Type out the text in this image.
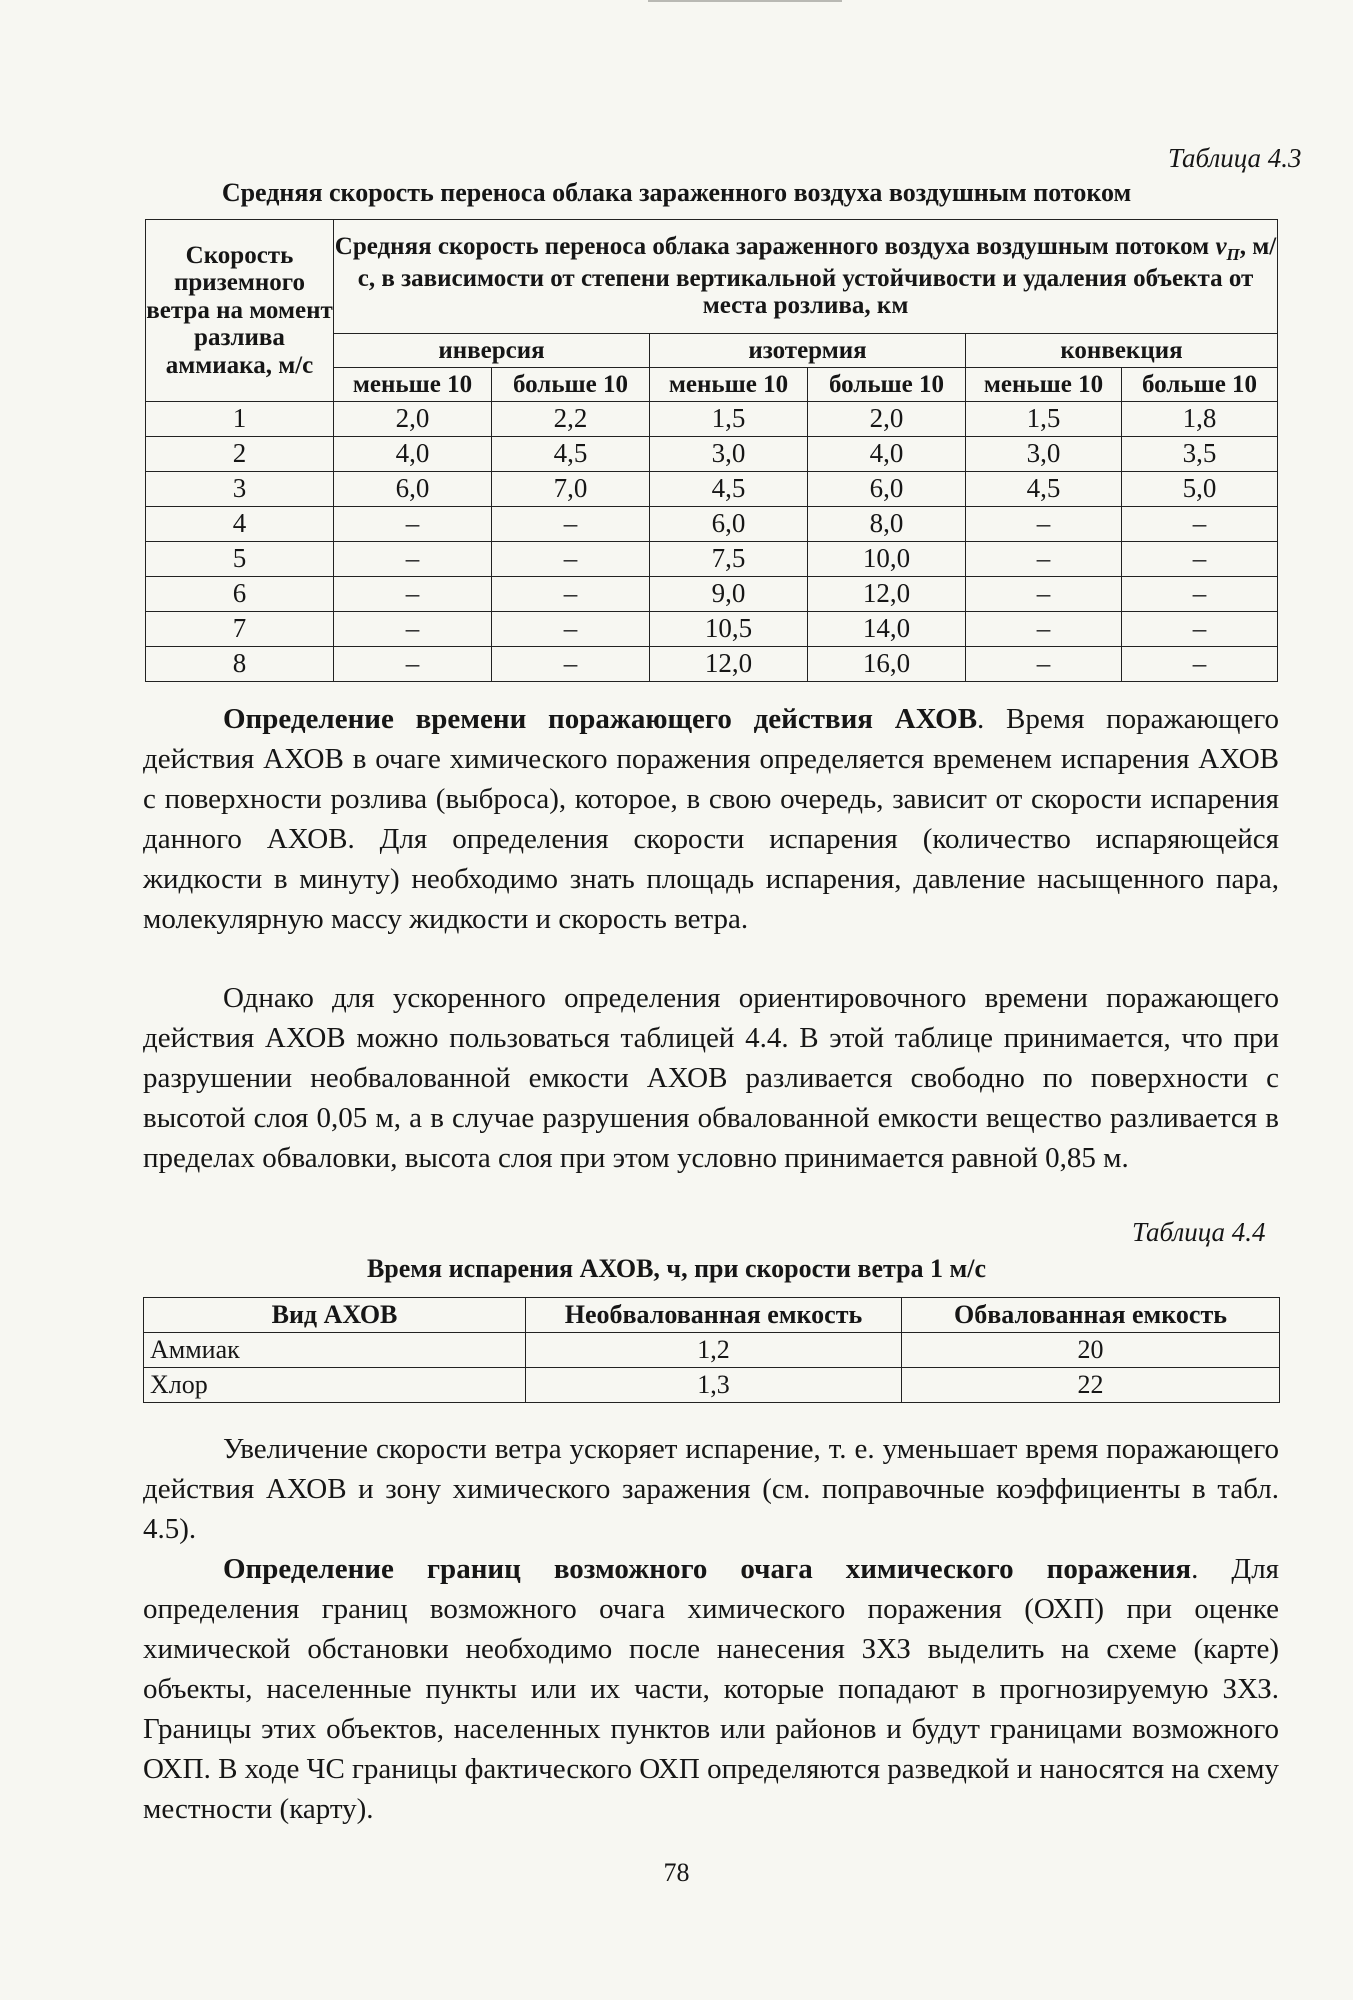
Таблица 4.3
Средняя скорость переноса облака зараженного воздуха воздушным потоком
Скорость приземного ветра на момент разлива аммиака, м/с	Средняя скорость переноса облака зараженного воздуха воздушным потоком $v_П$, м/с, в зависимости от степени вертикальной устойчивости и удаления объекта от места розлива, км					
	инверсия		изотермия		конвекция	
	меньше 10	больше 10	меньше 10	больше 10	меньше 10	больше 10
1	2,0	2,2	1,5	2,0	1,5	1,8
2	4,0	4,5	3,0	4,0	3,0	3,5
3	6,0	7,0	4,5	6,0	4,5	5,0
4	–	–	6,0	8,0	–	–
5	–	–	7,5	10,0	–	–
6	–	–	9,0	12,0	–	–
7	–	–	10,5	14,0	–	–
8	–	–	12,0	16,0	–	–

Определение времени поражающего действия АХОВ. Время поражающего действия АХОВ в очаге химического поражения определяется временем испарения АХОВ с поверхности розлива (выброса), которое, в свою очередь, зависит от скорости испарения данного АХОВ. Для определения скорости испарения (количество испаряющейся жидкости в минуту) необходимо знать площадь испарения, давление насыщенного пара, молекулярную массу жидкости и скорость ветра.

Однако для ускоренного определения ориентировочного времени поражающего действия АХОВ можно пользоваться таблицей 4.4. В этой таблице принимается, что при разрушении необвалованной емкости АХОВ разливается свободно по поверхности с высотой слоя 0,05 м, а в случае разрушения обвалованной емкости вещество разливается в пределах обваловки, высота слоя при этом условно принимается равной 0,85 м.

Таблица 4.4
Время испарения АХОВ, ч, при скорости ветра 1 м/с
Вид АХОВ	Необвалованная емкость	Обвалованная емкость
Аммиак	1,2	20
Хлор	1,3	22

Увеличение скорости ветра ускоряет испарение, т. е. уменьшает время поражающего действия АХОВ и зону химического заражения (см. поправочные коэффициенты в табл. 4.5).

Определение границ возможного очага химического поражения. Для определения границ возможного очага химического поражения (ОХП) при оценке химической обстановки необходимо после нанесения ЗХЗ выделить на схеме (карте) объекты, населенные пункты или их части, которые попадают в прогнозируемую ЗХЗ. Границы этих объектов, населенных пунктов или районов и будут границами возможного ОХП. В ходе ЧС границы фактического ОХП определяются разведкой и наносятся на схему местности (карту).

78
